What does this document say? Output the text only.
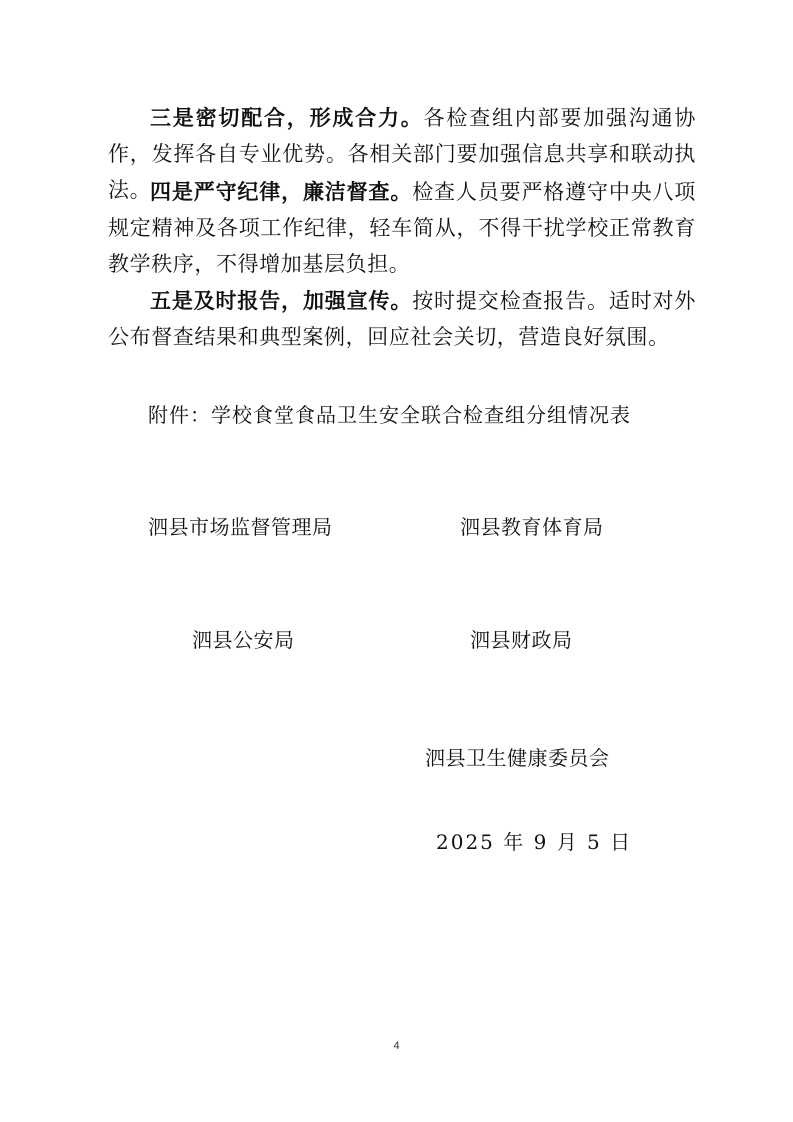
三是密切配合，形成合力。各检查组内部要加强沟通协作，发挥各自专业优势。各相关部门要加强信息共享和联动执法。

四是严守纪律，廉洁督查。检查人员要严格遵守中央八项规定精神及各项工作纪律，轻车简从，不得干扰学校正常教育教学秩序，不得增加基层负担。

五是及时报告，加强宣传。按时提交检查报告。适时对外公布督查结果和典型案例，回应社会关切，营造良好氛围。

附件：学校食堂食品卫生安全联合检查组分组情况表

泗县市场监督管理局	泗县教育体育局

泗县公安局	泗县财政局

泗县卫生健康委员会

2025 年 9 月 5 日

4
